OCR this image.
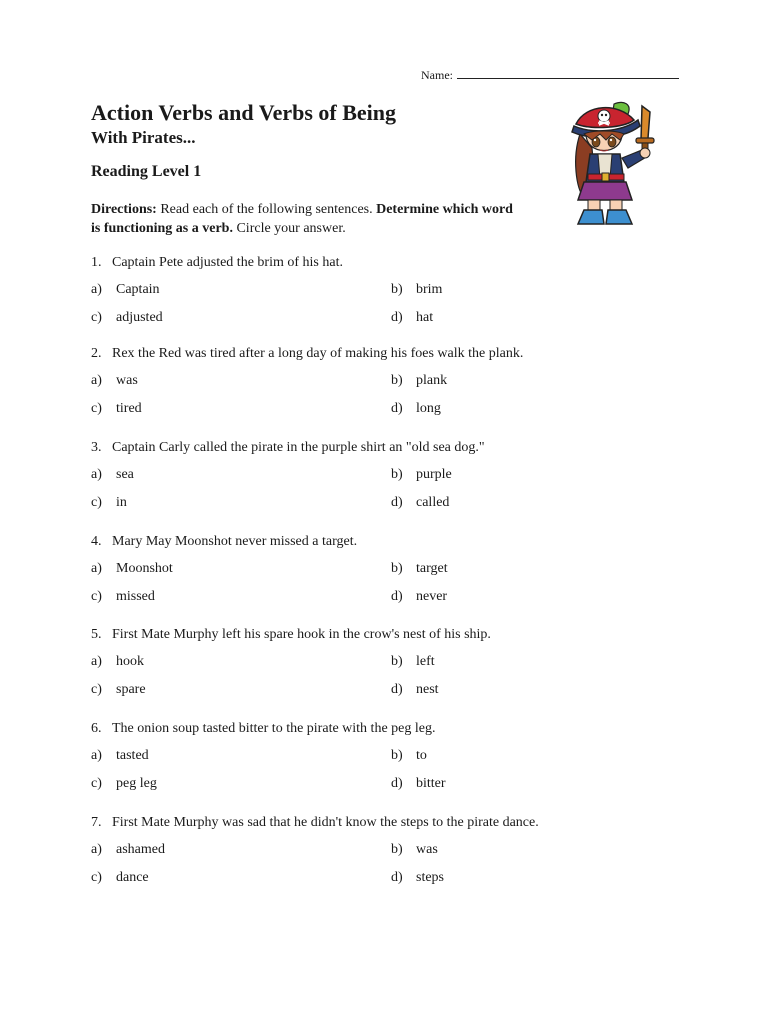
Name:
Action Verbs and Verbs of Being
With Pirates...
Reading Level 1
Directions: Read each of the following sentences. Determine which word is functioning as a verb. Circle your answer.
1. Captain Pete adjusted the brim of his hat.
a) Captain	b) brim
c) adjusted	d) hat
2. Rex the Red was tired after a long day of making his foes walk the plank.
a) was	b) plank
c) tired	d) long
3. Captain Carly called the pirate in the purple shirt an "old sea dog."
a) sea	b) purple
c) in	d) called
4. Mary May Moonshot never missed a target.
a) Moonshot	b) target
c) missed	d) never
5. First Mate Murphy left his spare hook in the crow's nest of his ship.
a) hook	b) left
c) spare	d) nest
6. The onion soup tasted bitter to the pirate with the peg leg.
a) tasted	b) to
c) peg leg	d) bitter
7. First Mate Murphy was sad that he didn't know the steps to the pirate dance.
a) ashamed	b) was
c) dance	d) steps
